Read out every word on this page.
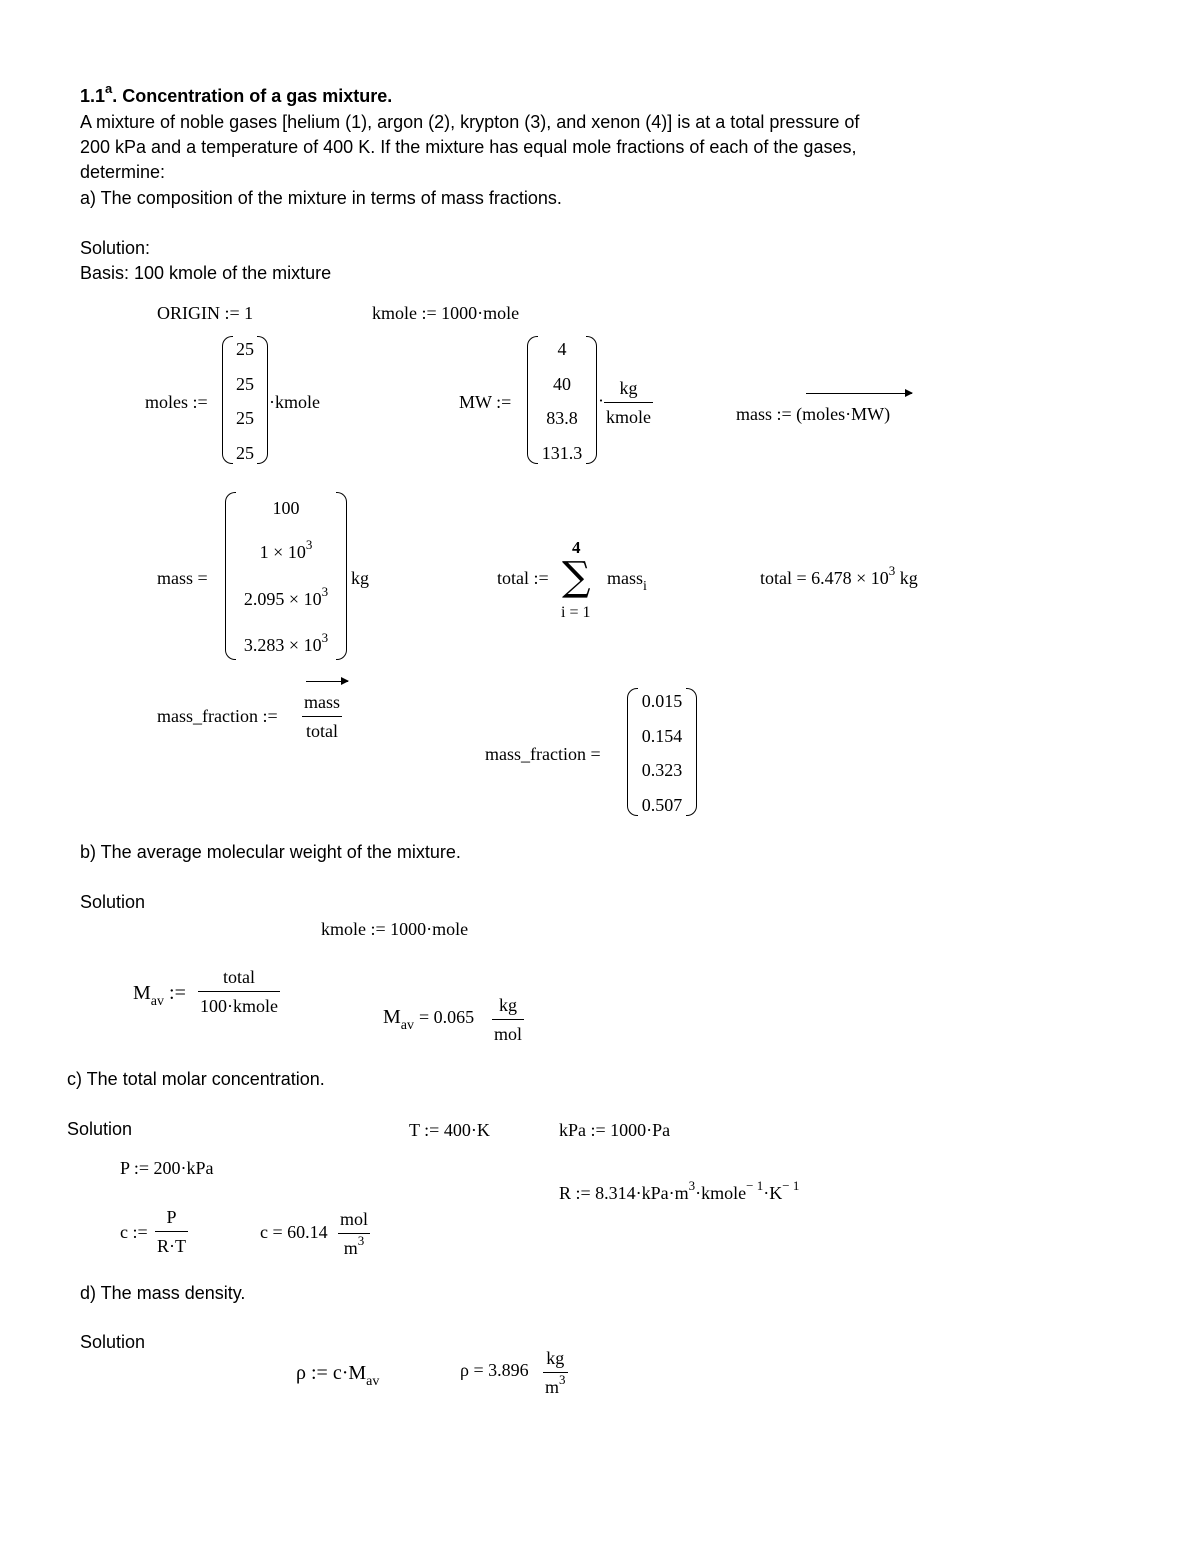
1.1$^a$. Concentration of a gas mixture.
A mixture of noble gases [helium (1), argon (2), krypton (3), and xenon (4)] is at a total pressure of
200 kPa and a temperature of 400 K. If the mixture has equal mole fractions of each of the gases,
determine:
a) The composition of the mixture in terms of mass fractions.
Solution:
Basis: 100 kmole of the mixture
ORIGIN := 1	kmole := 1000·mole
moles :=
25
25
25
25
·kmole	MW :=
4
40
83.8
131.3
· $\frac{kg}{\text{kmole}}$	mass := (moles·MW)
mass =
100
$1 \times 10^3$
$2.095 \times 10^3$
$3.283 \times 10^3$
kg	total :=
4
∑
i = 1
mass$_i$	total = $6.478 \times 10^3$ kg
mass_fraction := $\frac{\text{mass}}{\text{total}}$
mass_fraction =
0.015
0.154
0.323
0.507
b) The average molecular weight of the mixture.
Solution
kmole := 1000·mole
$M_{av}$ := $\frac{\text{total}}{\text{100·kmole}}$	$M_{av} = 0.065 \frac{kg}{\text{mol}}$
c) The total molar concentration.
Solution	T := 400·K	kPa := 1000·Pa
P := 200·kPa
R := $8.314\cdot kPa\cdot m^3\cdot kmole^{- 1}\cdot K^{- 1}$
c := $\frac{P}{R\cdot T}$	$c = 60.14 \frac{\text{mol}}{m^3}$
d) The mass density.
Solution
ρ := $c\cdot M_{av}$
$\rho = 3.896 \frac{kg}{m^3}$
